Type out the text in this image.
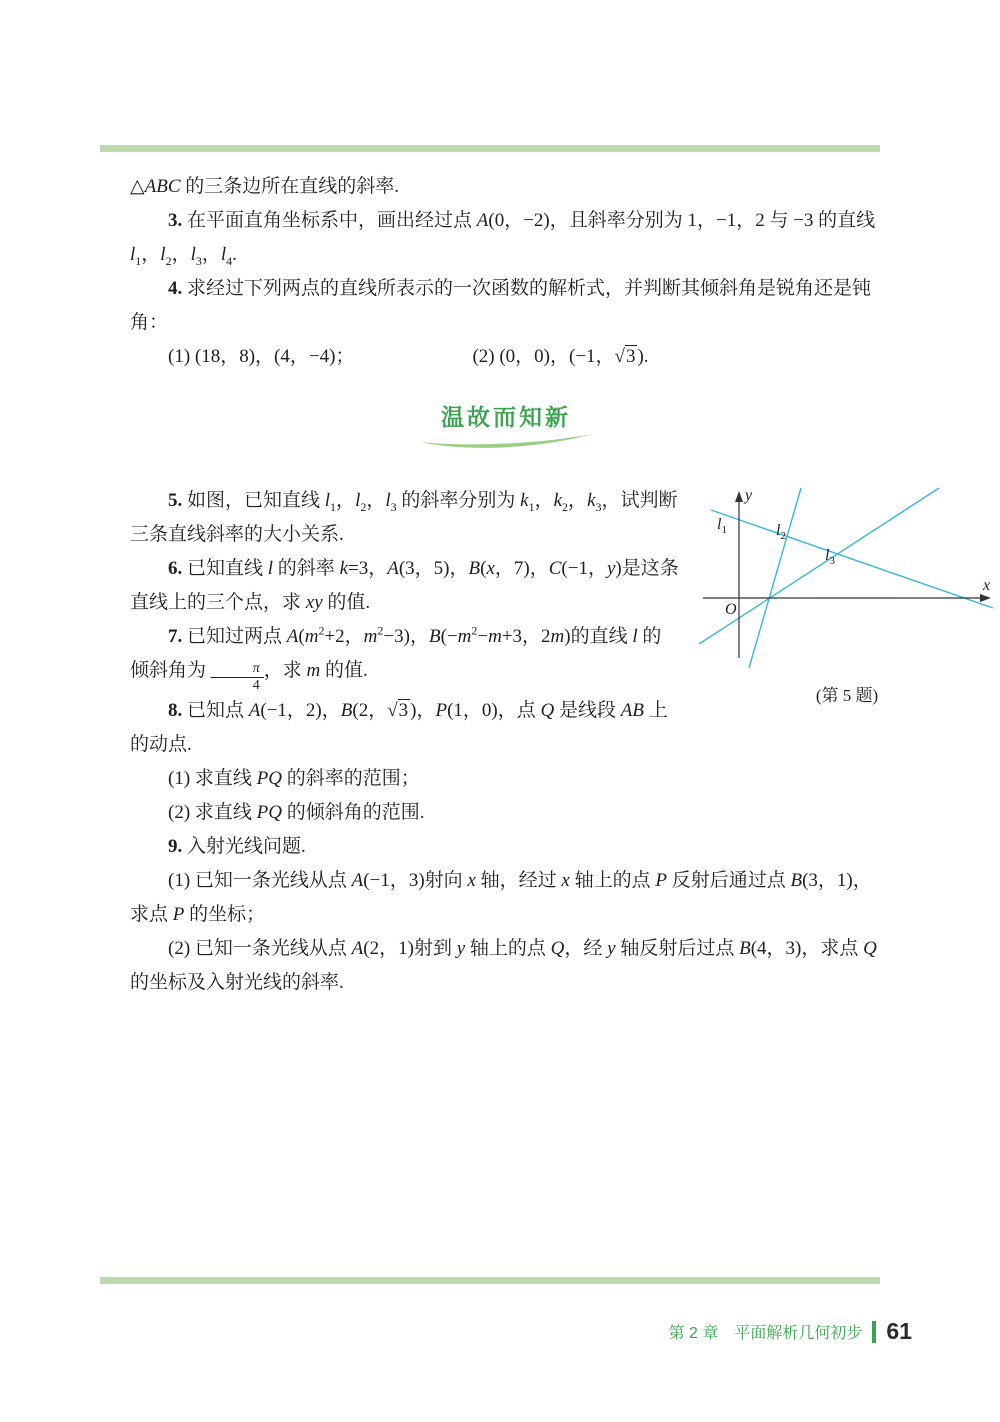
△ABC 的三条边所在直线的斜率.

3. 在平面直角坐标系中，画出经过点 A(0，−2)，且斜率分别为 1，−1，2 与 −3 的直线 $l_1$，$l_2$，$l_3$，$l_4$.

4. 求经过下列两点的直线所表示的一次函数的解析式，并判断其倾斜角是锐角还是钝角：

(1) (18，8)，(4，−4)；	(2) (0，0)，(−1，√3 ).

温故而知新
y
x
O
$l_1$	$l_2$
$l_3$
(第 5 题)

5. 如图，已知直线 $l_1$，$l_2$，$l_3$ 的斜率分别为 $k_1$，$k_2$，$k_3$，试判断三条直线斜率的大小关系.

6. 已知直线 l 的斜率 k=3，A(3，5)，B(x，7)，C(−1，y)是这条直线上的三个点，求 xy 的值.

7. 已知过两点 $A(m^2+2$，$m^2-3$)，$B(-m^2-m+3$，2m)的直线 l 的倾斜角为 $\frac{\pi}{4}$ ，求 m 的值.

8. 已知点 A(−1，2)，B(2，√3 )，P(1，0)，点 Q 是线段 AB 上的动点.

(1) 求直线 PQ 的斜率的范围；

(2) 求直线 PQ 的倾斜角的范围.

9. 入射光线问题.

(1) 已知一条光线从点 A(−1，3)射向 x 轴，经过 x 轴上的点 P 反射后通过点 B(3，1)，求点 P 的坐标；

(2) 已知一条光线从点 A(2，1)射到 y 轴上的点 Q，经 y 轴反射后过点 B(4，3)，求点 Q 的坐标及入射光线的斜率.

第 2 章　平面解析几何初步 61
